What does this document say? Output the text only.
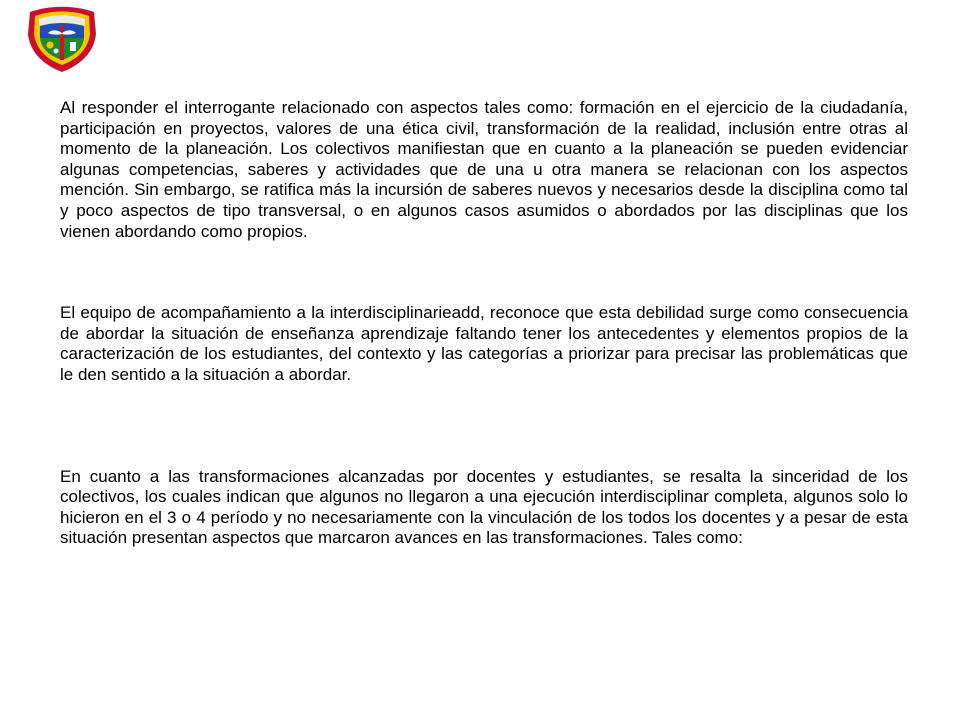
Al responder el interrogante relacionado con aspectos tales como: formación en el ejercicio de la ciudadanía, participación en proyectos, valores de una ética civil, transformación de la realidad, inclusión entre otras al momento de la planeación. Los colectivos manifiestan que en cuanto a la planeación se pueden evidenciar algunas competencias, saberes y actividades que de una u otra manera se relacionan con los aspectos mención. Sin embargo, se ratifica más la incursión de saberes nuevos y necesarios desde la disciplina como tal y poco aspectos de tipo transversal, o en algunos casos asumidos o abordados por las disciplinas que los vienen abordando como propios.

El equipo de acompañamiento a la interdisciplinarieadd, reconoce que esta debilidad surge como consecuencia de abordar la situación de enseñanza aprendizaje faltando tener los antecedentes y elementos propios de la caracterización de los estudiantes, del contexto y las categorías a priorizar para precisar las problemáticas que le den sentido a la situación a abordar.

En cuanto a las transformaciones alcanzadas por docentes y estudiantes, se resalta la sinceridad de los colectivos, los cuales indican que algunos no llegaron a una ejecución interdisciplinar completa, algunos solo lo hicieron en el 3 o 4 período y no necesariamente con la vinculación de los todos los docentes y a pesar de esta situación presentan aspectos que marcaron avances en las transformaciones. Tales como:
